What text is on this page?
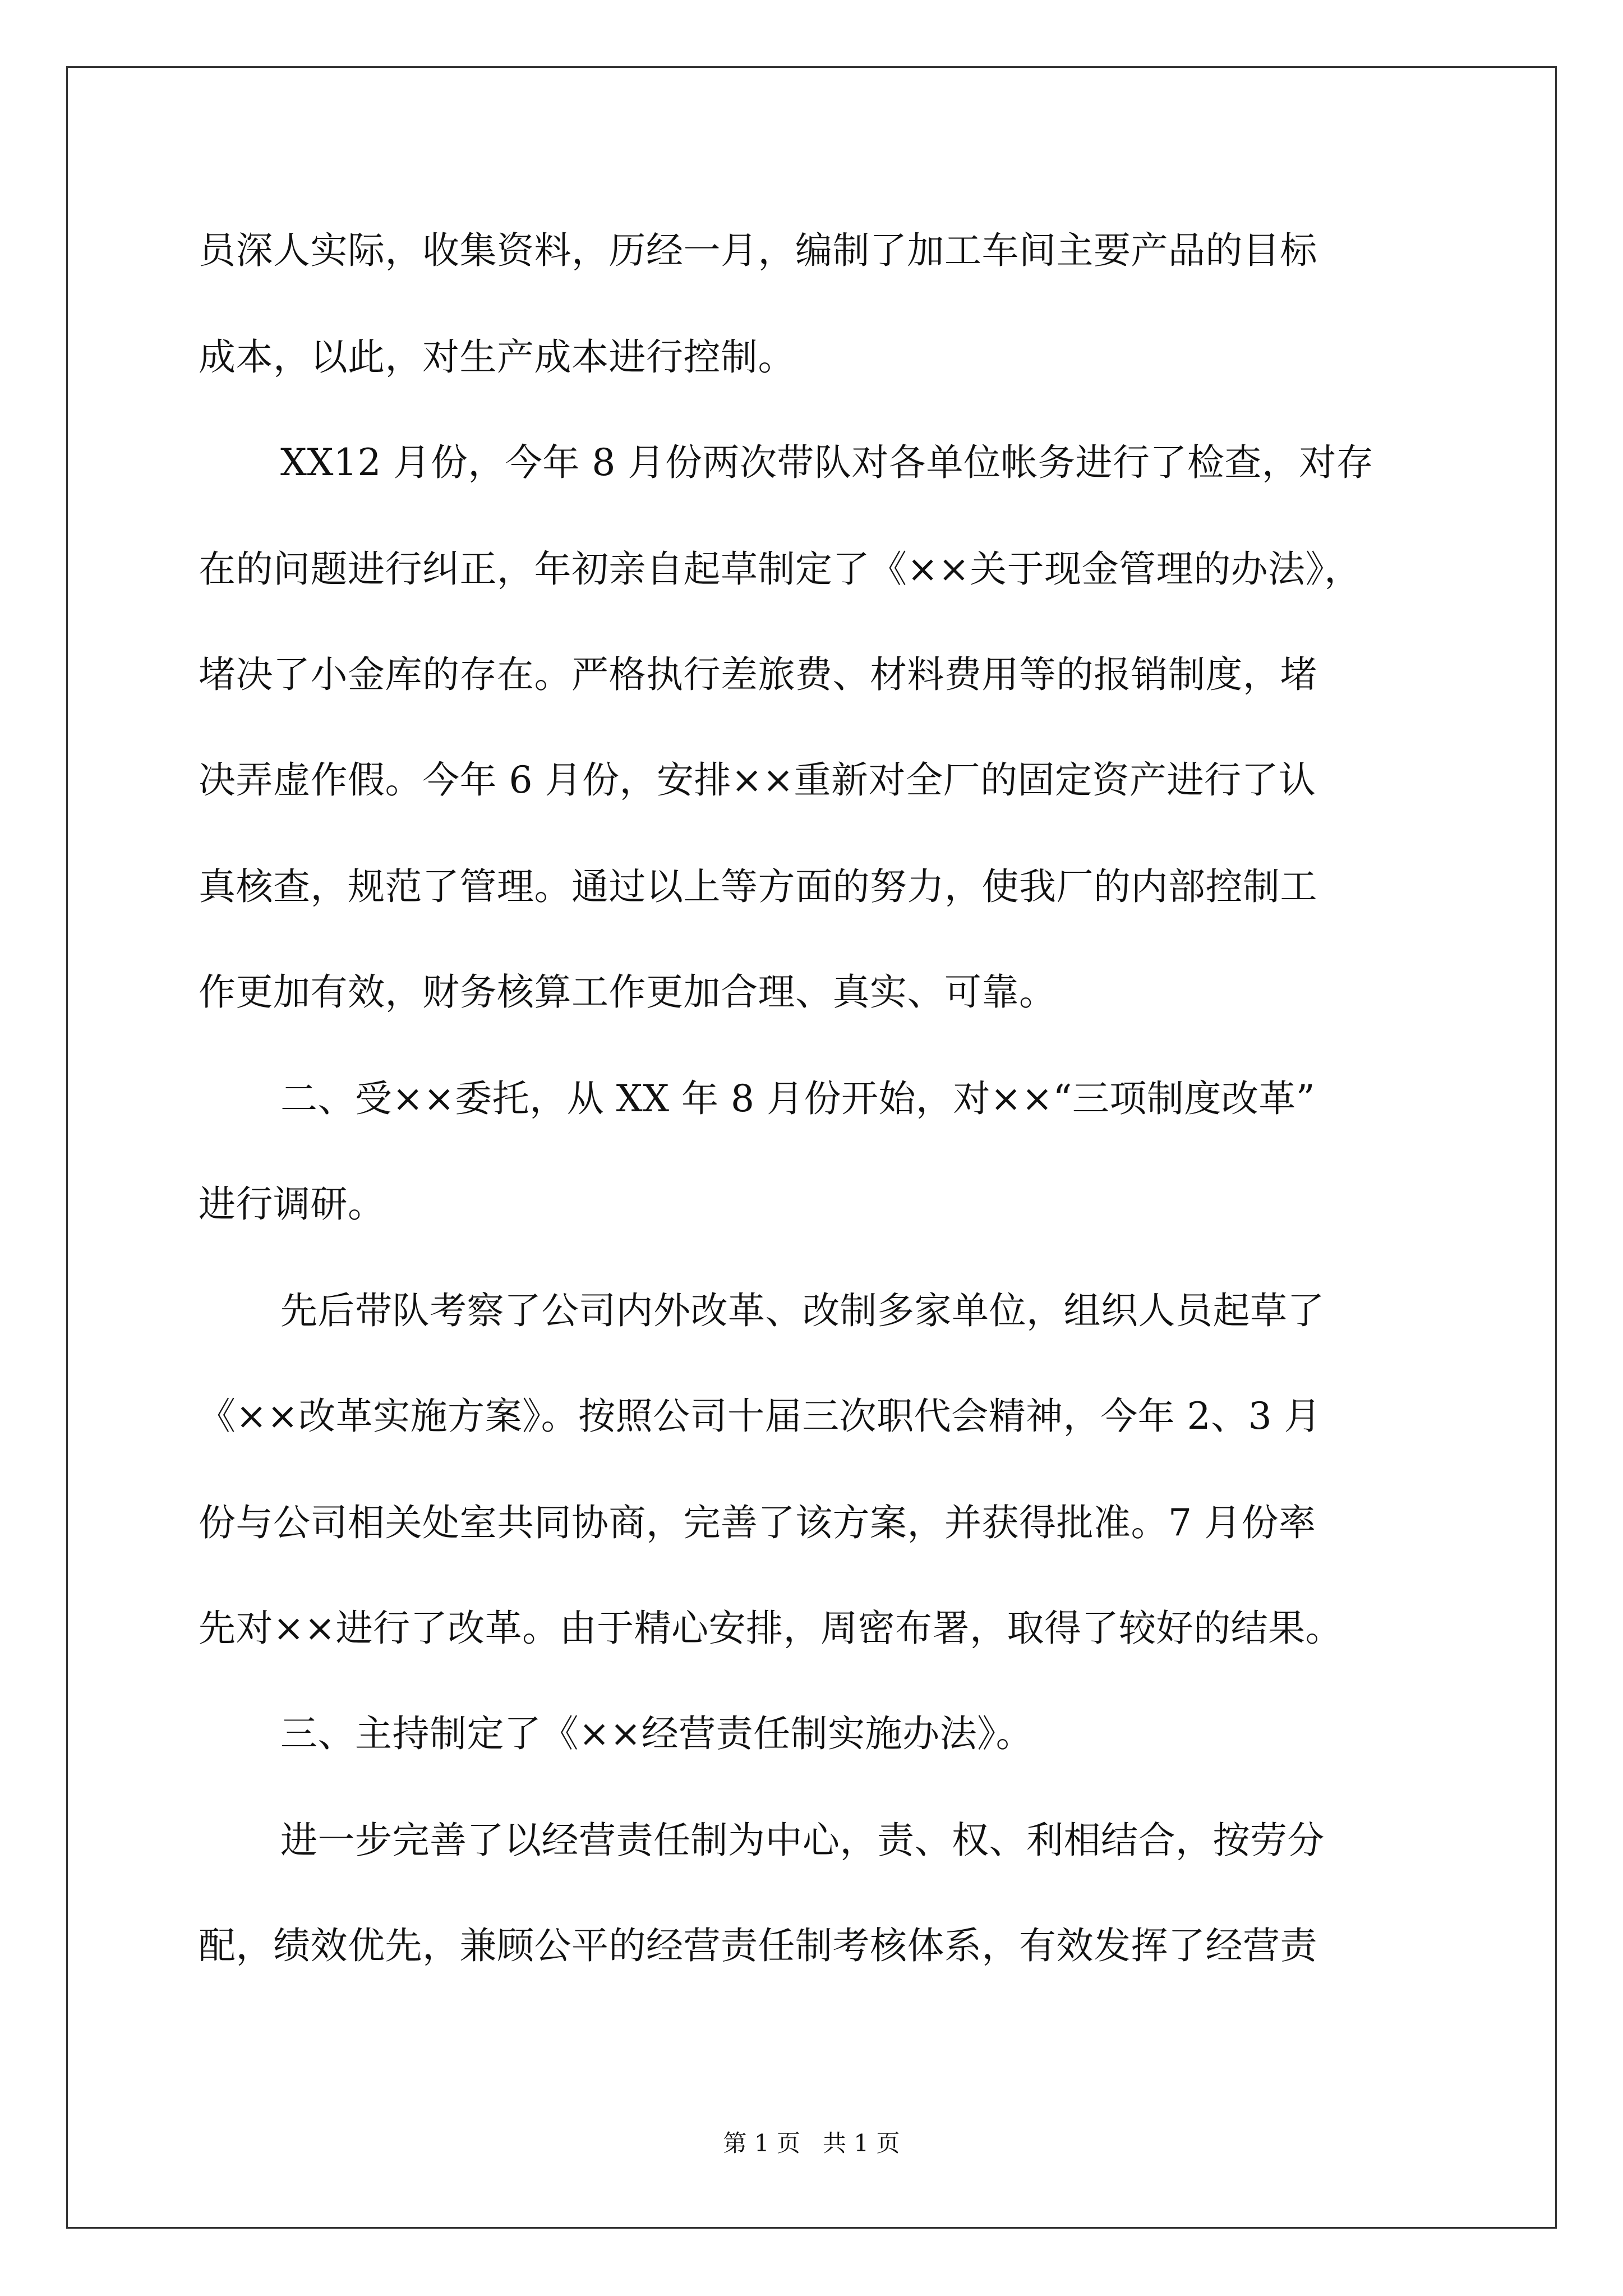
员深人实际，收集资料，历经一月，编制了加工车间主要产品的目标
成本，以此，对生产成本进行控制。
XX12 月份，今年 8 月份两次带队对各单位帐务进行了检查，对存
在的问题进行纠正，年初亲自起草制定了《××关于现金管理的办法》，
堵决了小金库的存在。严格执行差旅费、材料费用等的报销制度，堵
决弄虚作假。今年 6 月份，安排××重新对全厂的固定资产进行了认
真核查，规范了管理。通过以上等方面的努力，使我厂的内部控制工
作更加有效，财务核算工作更加合理、真实、可靠。
二、受××委托，从 XX 年 8 月份开始，对××“三项制度改革”
进行调研。
先后带队考察了公司内外改革、改制多家单位，组织人员起草了
《××改革实施方案》。按照公司十届三次职代会精神，今年 2、3 月
份与公司相关处室共同协商，完善了该方案，并获得批准。7 月份率
先对××进行了改革。由于精心安排，周密布署，取得了较好的结果。
三、主持制定了《××经营责任制实施办法》。
进一步完善了以经营责任制为中心，责、权、利相结合，按劳分
配，绩效优先，兼顾公平的经营责任制考核体系，有效发挥了经营责
第 1 页   共 1 页
